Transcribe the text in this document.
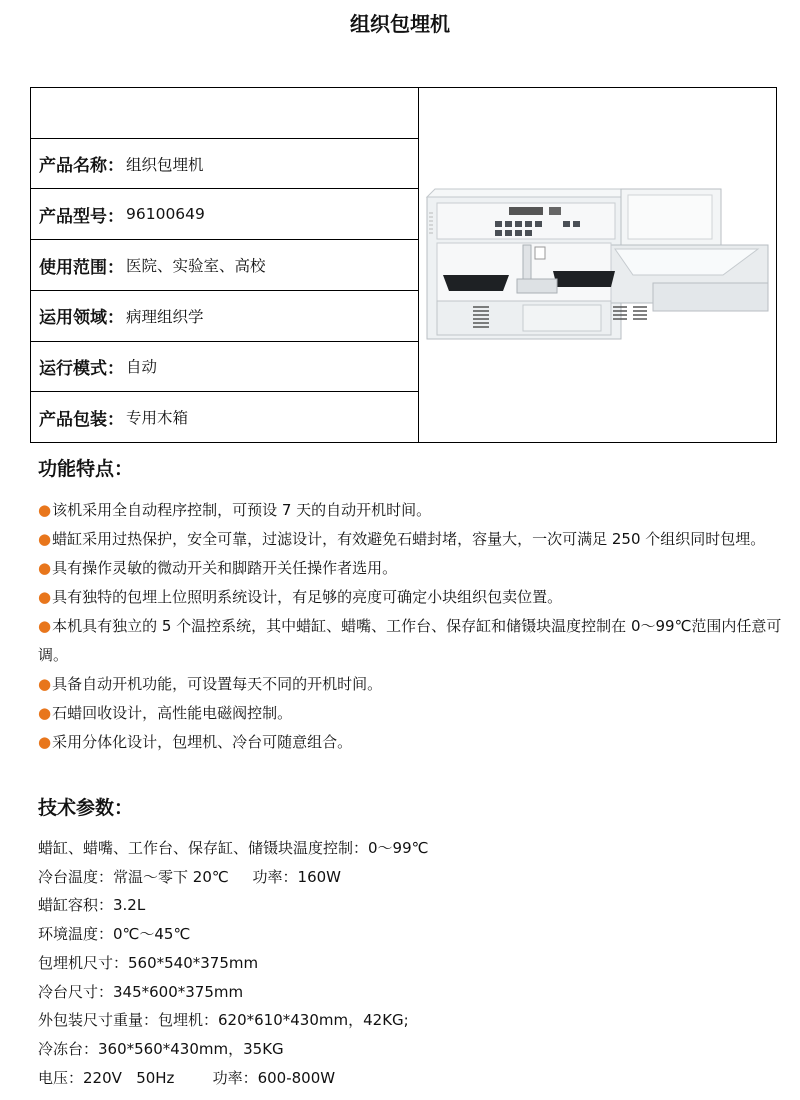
组织包埋机
产品名称： 组织包埋机
产品型号： 96100649
使用范围： 医院、实验室、高校
运用领域： 病理组织学
运行模式： 自动
产品包装： 专用木箱
功能特点：

●该机采用全自动程序控制，可预设 7 天的自动开机时间。

●蜡缸采用过热保护，安全可靠，过滤设计，有效避免石蜡封堵，容量大，一次可满足 250 个组织同时包埋。

●具有操作灵敏的微动开关和脚踏开关任操作者选用。

●具有独特的包埋上位照明系统设计，有足够的亮度可确定小块组织包卖位置。

●本机具有独立的 5 个温控系统，其中蜡缸、蜡嘴、工作台、保存缸和储镊块温度控制在 0～99℃范围内任意可调。

●具备自动开机功能，可设置每天不同的开机时间。

●石蜡回收设计，高性能电磁阀控制。

●采用分体化设计，包埋机、冷台可随意组合。

技术参数：
蜡缸、蜡嘴、工作台、保存缸、储镊块温度控制：0～99℃
冷台温度：常温～零下 20℃     功率：160W
蜡缸容积：3.2L
环境温度：0℃～45℃
包埋机尺寸：560*540*375mm
冷台尺寸：345*600*375mm
外包装尺寸重量：包埋机：620*610*430mm，42KG;
冷冻台：360*560*430mm，35KG
电压：220V   50Hz        功率：600-800W
